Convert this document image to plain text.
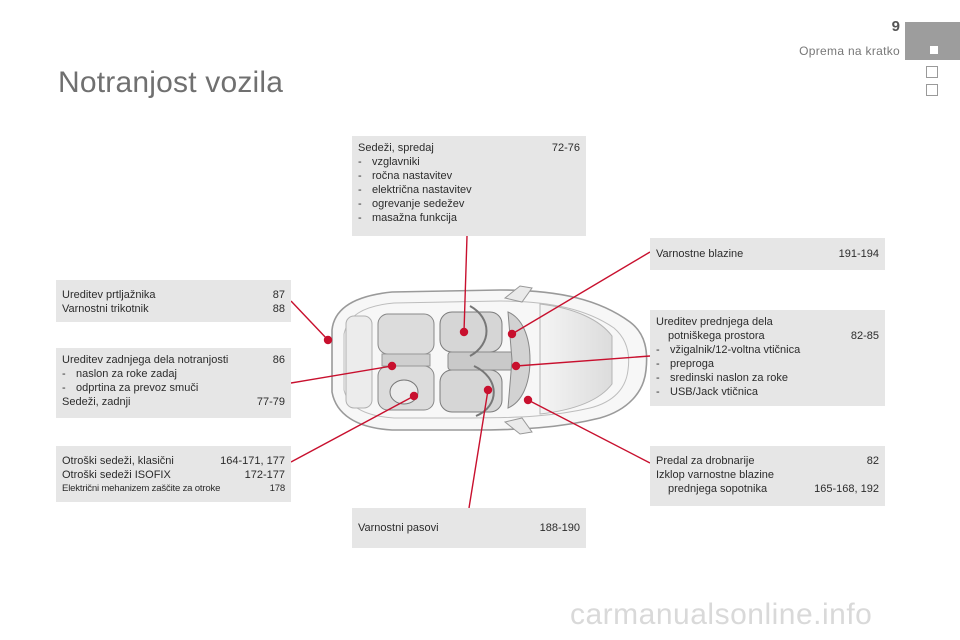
9
Oprema na kratko
Notranjost vozila
Sedeži, spredaj	72-76
- vzglavniki
- ročna nastavitev
- električna nastavitev
- ogrevanje sedežev
- masažna funkcija
Varnostne blazine	191-194
Ureditev prtljažnika	87
Varnostni trikotnik	88
Ureditev zadnjega dela notranjosti	86
- naslon za roke zadaj
- odprtina za prevoz smuči
Sedeži, zadnji	77-79
Ureditev prednjega dela
potniškega prostora	82-85
- vžigalnik/12-voltna vtičnica
- preproga
- sredinski naslon za roke
- USB/Jack vtičnica
Otroški sedeži, klasični	164-171, 177
Otroški sedeži ISOFIX	172-177
Električni mehanizem zaščite za otroke	178
Predal za drobnarije	82
Izklop varnostne blazine
prednjega sopotnika	165-168, 192
Varnostni pasovi	188-190
carmanualsonline.info
